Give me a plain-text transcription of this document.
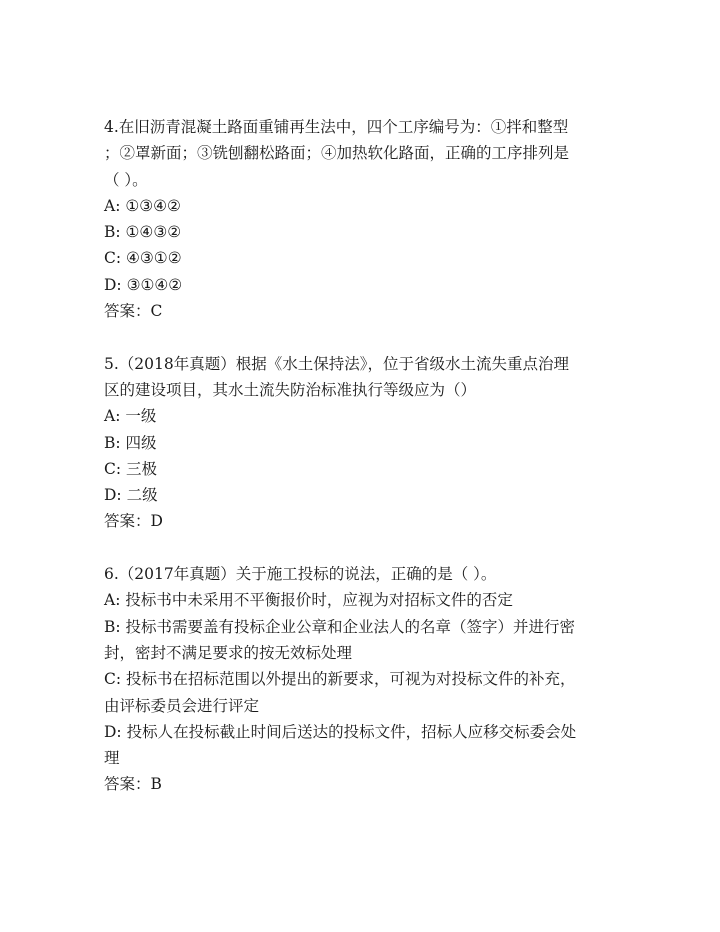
4.在旧沥青混凝土路面重铺再生法中，四个工序编号为：①拌和整型
；②罩新面；③铣刨翻松路面；④加热软化路面，正确的工序排列是
（ ）。
A: ①③④②
B: ①④③②
C: ④③①②
D: ③①④②
答案：C
5.（2018年真题）根据《水土保持法》，位于省级水土流失重点治理
区的建设项目，其水土流失防治标准执行等级应为（）
A: 一级
B: 四级
C: 三极
D: 二级
答案：D
6.（2017年真题）关于施工投标的说法，正确的是（ ）。
A: 投标书中未采用不平衡报价时，应视为对招标文件的否定
B: 投标书需要盖有投标企业公章和企业法人的名章（签字）并进行密
封，密封不满足要求的按无效标处理
C: 投标书在招标范围以外提出的新要求，可视为对投标文件的补充，
由评标委员会进行评定
D: 投标人在投标截止时间后送达的投标文件，招标人应移交标委会处
理
答案：B
